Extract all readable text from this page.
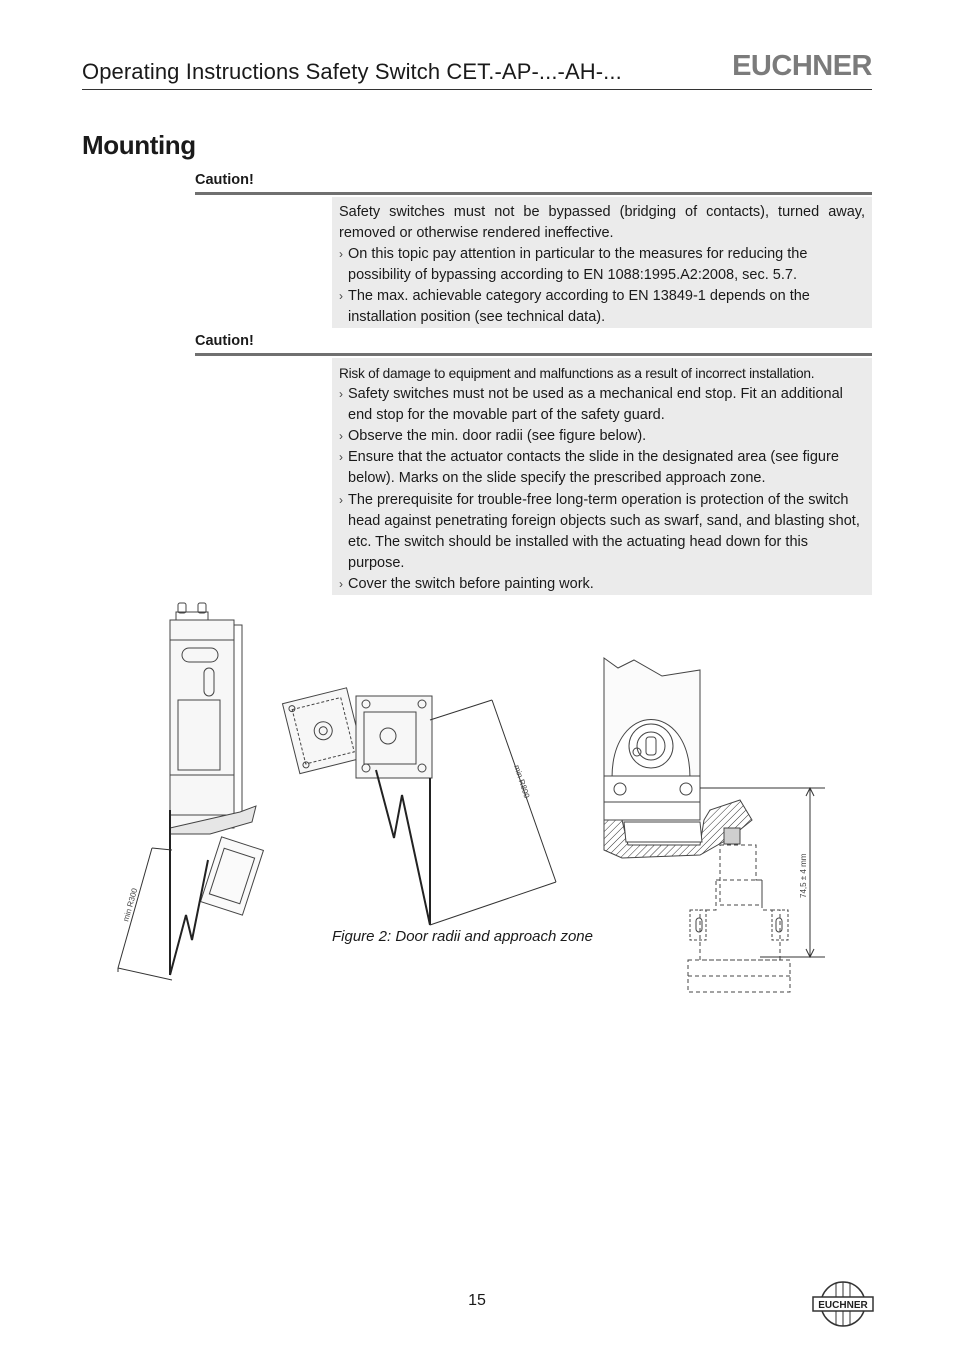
Operating Instructions Safety Switch CET.-AP-...-AH-...	EUCHNER
Mounting
Caution!

Safety switches must not be bypassed (bridging of contacts), turned away, removed or otherwise rendered ineffective.

› On this topic pay attention in particular to the measures for reducing the possibility of bypassing according to EN 1088:1995.A2:2008, sec. 5.7.
› The max. achievable category according to EN 13849-1 depends on the installation position (see technical data).
Caution!

Risk of damage to equipment and malfunctions as a result of incorrect installation.

› Safety switches must not be used as a mechanical end stop. Fit an additional end stop for the movable part of the safety guard.
› Observe the min. door radii (see figure below).
› Ensure that the actuator contacts the slide in the designated area (see figure below). Marks on the slide specify the prescribed approach zone.
› The prerequisite for trouble-free long-term operation is protection of the switch head against penetrating foreign objects such as swarf, sand, and blasting shot, etc. The switch should be installed with the actuating head down for this purpose.
› Cover the switch before painting work.
min R300
min R800
74,5 ± 4 mm
Figure 2: Door radii and approach zone
15	EUCHNER
